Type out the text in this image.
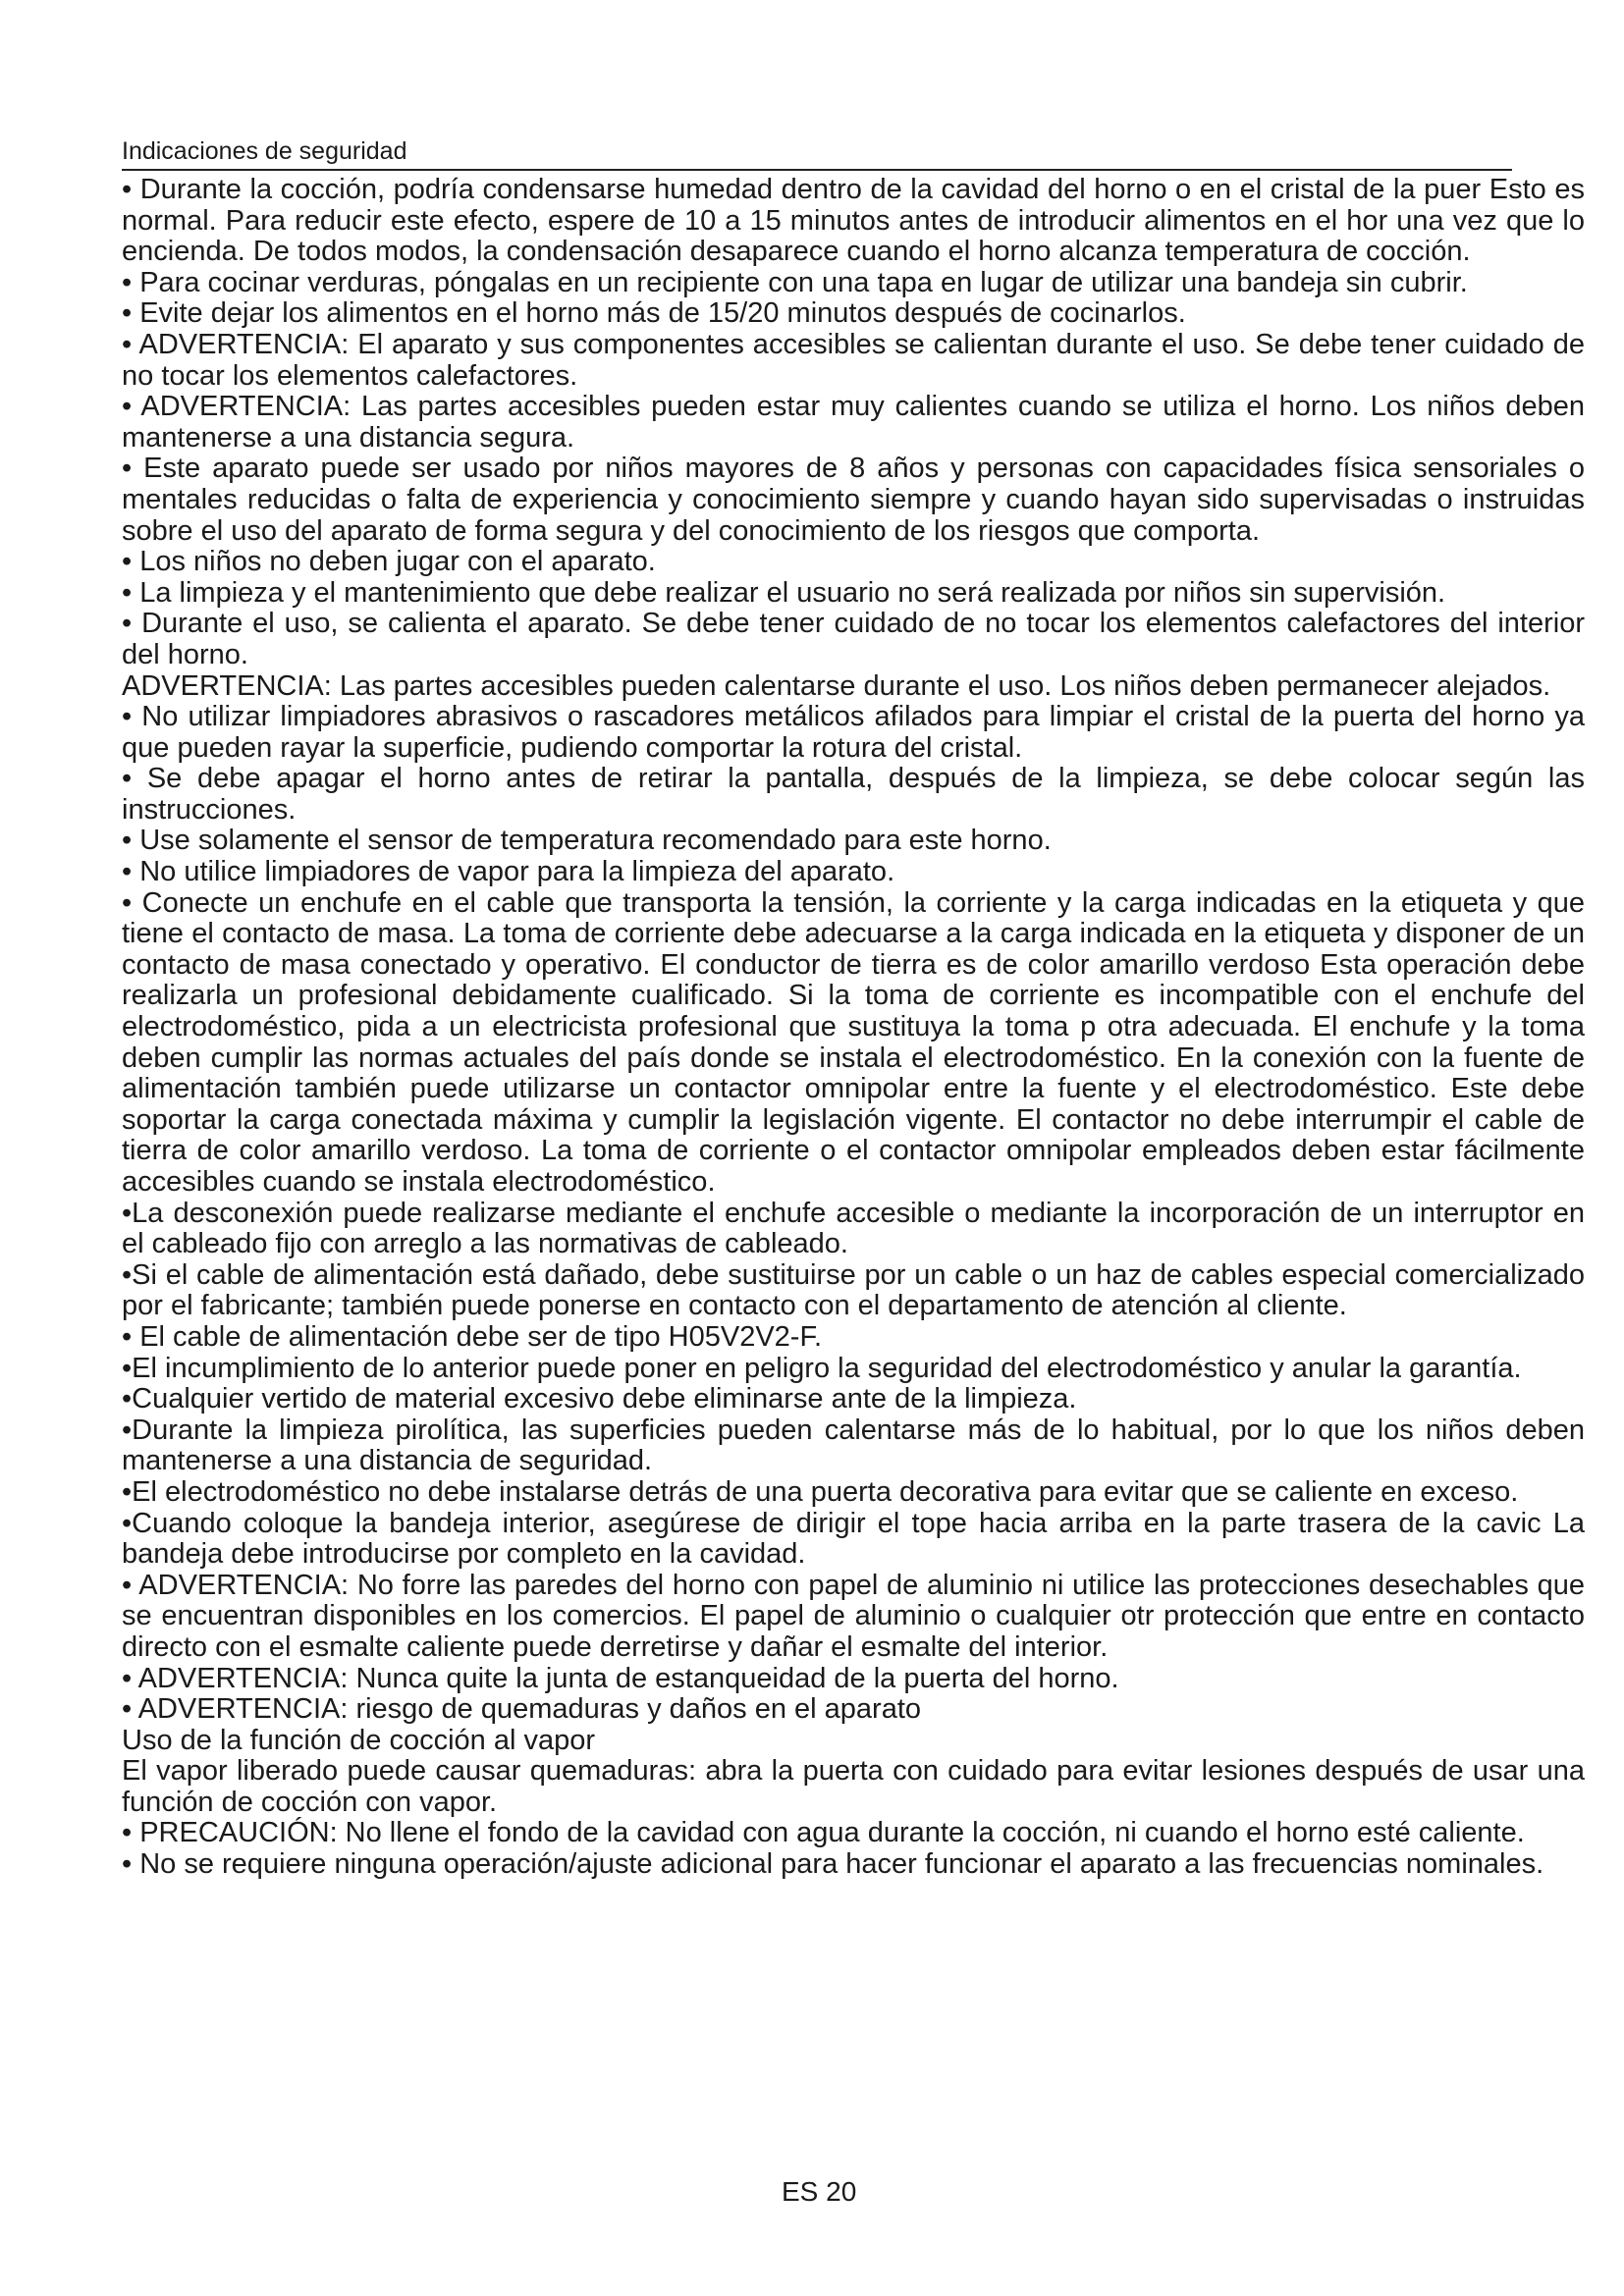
Indicaciones de seguridad

• Durante la cocción, podría condensarse humedad dentro de la cavidad del horno o en el cristal de la puer Esto es normal. Para reducir este efecto, espere de 10 a 15 minutos antes de introducir alimentos en el hor una vez que lo encienda. De todos modos, la condensación desaparece cuando el horno alcanza temperatura de cocción.

• Para cocinar verduras, póngalas en un recipiente con una tapa en lugar de utilizar una bandeja sin cubrir.

• Evite dejar los alimentos en el horno más de 15/20 minutos después de cocinarlos.

• ADVERTENCIA: El aparato y sus componentes accesibles se calientan durante el uso. Se debe tener cuidado de no tocar los elementos calefactores.

• ADVERTENCIA: Las partes accesibles pueden estar muy calientes cuando se utiliza el horno. Los niños deben mantenerse a una distancia segura.

• Este aparato puede ser usado por niños mayores de 8 años y personas con capacidades física sensoriales o mentales reducidas o falta de experiencia y conocimiento siempre y cuando hayan sido supervisadas o instruidas sobre el uso del aparato de forma segura y del conocimiento de los riesgos que comporta.

• Los niños no deben jugar con el aparato.

• La limpieza y el mantenimiento que debe realizar el usuario no será realizada por niños sin supervisión.

• Durante el uso, se calienta el aparato. Se debe tener cuidado de no tocar los elementos calefactores del interior del horno.

ADVERTENCIA: Las partes accesibles pueden calentarse durante el uso. Los niños deben permanecer alejados.

• No utilizar limpiadores abrasivos o rascadores metálicos afilados para limpiar el cristal de la puerta del horno ya que pueden rayar la superficie, pudiendo comportar la rotura del cristal.

• Se debe apagar el horno antes de retirar la pantalla, después de la limpieza, se debe colocar según las instrucciones.

• Use solamente el sensor de temperatura recomendado para este horno.

• No utilice limpiadores de vapor para la limpieza del aparato.

• Conecte un enchufe en el cable que transporta la tensión, la corriente y la carga indicadas en la etiqueta y que tiene el contacto de masa. La toma de corriente debe adecuarse a la carga indicada en la etiqueta y disponer de un contacto de masa conectado y operativo. El conductor de tierra es de color amarillo verdoso Esta operación debe realizarla un profesional debidamente cualificado. Si la toma de corriente es incompatible con el enchufe del electrodoméstico, pida a un electricista profesional que sustituya la toma p otra adecuada. El enchufe y la toma deben cumplir las normas actuales del país donde se instala el electrodoméstico. En la conexión con la fuente de alimentación también puede utilizarse un contactor omnipolar entre la fuente y el electrodoméstico. Este debe soportar la carga conectada máxima y cumplir la legislación vigente. El contactor no debe interrumpir el cable de tierra de color amarillo verdoso. La toma de corriente o el contactor omnipolar empleados deben estar fácilmente accesibles cuando se instala electrodoméstico.

•La desconexión puede realizarse mediante el enchufe accesible o mediante la incorporación de un interruptor en el cableado fijo con arreglo a las normativas de cableado.

•Si el cable de alimentación está dañado, debe sustituirse por un cable o un haz de cables especial comercializado por el fabricante; también puede ponerse en contacto con el departamento de atención al cliente.

• El cable de alimentación debe ser de tipo H05V2V2-F.

•El incumplimiento de lo anterior puede poner en peligro la seguridad del electrodoméstico y anular la garantía.

•Cualquier vertido de material excesivo debe eliminarse ante de la limpieza.

•Durante la limpieza pirolítica, las superficies pueden calentarse más de lo habitual, por lo que los niños deben mantenerse a una distancia de seguridad.

•El electrodoméstico no debe instalarse detrás de una puerta decorativa para evitar que se caliente en exceso.

•Cuando coloque la bandeja interior, asegúrese de dirigir el tope hacia arriba en la parte trasera de la cavic La bandeja debe introducirse por completo en la cavidad.

• ADVERTENCIA: No forre las paredes del horno con papel de aluminio ni utilice las protecciones desechables que se encuentran disponibles en los comercios. El papel de aluminio o cualquier otr protección que entre en contacto directo con el esmalte caliente puede derretirse y dañar el esmalte del interior.

• ADVERTENCIA: Nunca quite la junta de estanqueidad de la puerta del horno.

• ADVERTENCIA: riesgo de quemaduras y daños en el aparato

Uso de la función de cocción al vapor

El vapor liberado puede causar quemaduras: abra la puerta con cuidado para evitar lesiones después de usar una función de cocción con vapor.

• PRECAUCIÓN: No llene el fondo de la cavidad con agua durante la cocción, ni cuando el horno esté caliente.

• No se requiere ninguna operación/ajuste adicional para hacer funcionar el aparato a las frecuencias nominales.

ES 20
